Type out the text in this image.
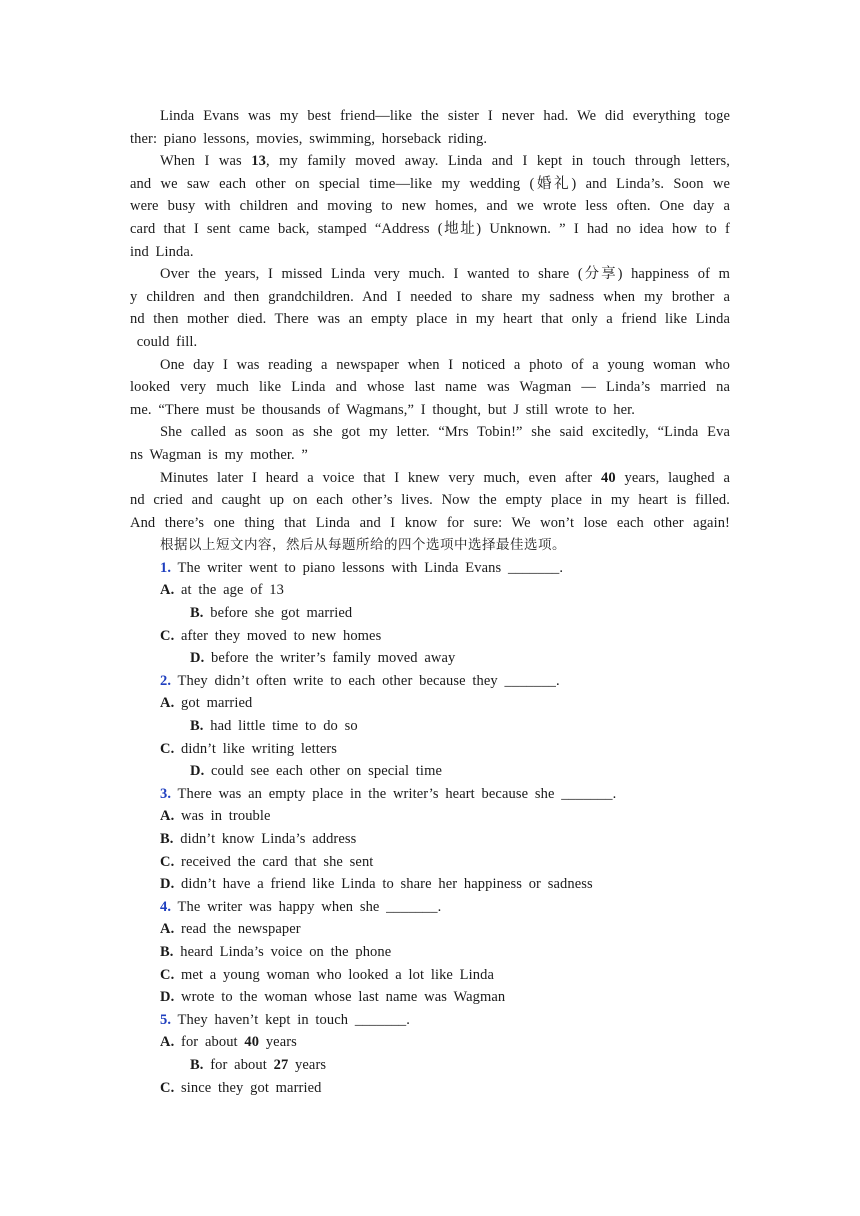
Linda Evans was my best friend—like the sister I never had. We did everything toge
ther: piano lessons, movies, swimming, horseback riding.
When I was 13, my family moved away. Linda and I kept in touch through letters,
and we saw each other on special time—like my wedding (婚礼) and Linda’s. Soon we
were busy with children and moving to new homes, and we wrote less often. One day a
card that I sent came back, stamped “Address (地址) Unknown. ” I had no idea how to f
ind Linda.
Over the years, I missed Linda very much. I wanted to share (分享) happiness of m
y children and then grandchildren. And I needed to share my sadness when my brother a
nd then mother died. There was an empty place in my heart that only a friend like Linda
could fill.
One day I was reading a newspaper when I noticed a photo of a young woman who
looked very much like Linda and whose last name was Wagman — Linda’s married na
me. “There must be thousands of Wagmans,” I thought, but J still wrote to her.
She called as soon as she got my letter. “Mrs Tobin!” she said excitedly, “Linda Eva
ns Wagman is my mother. ”
Minutes later I heard a voice that I knew very much, even after 40 years, laughed a
nd cried and caught up on each other’s lives. Now the empty place in my heart is filled.
And there’s one thing that Linda and I know for sure: We won’t lose each other again!
根据以上短文内容，然后从每题所给的四个选项中选择最佳选项。
1. The writer went to piano lessons with Linda Evans _______.
A. at the age of 13
B. before she got married
C. after they moved to new homes
D. before the writer’s family moved away
2. They didn’t often write to each other because they _______.
A. got married
B. had little time to do so
C. didn’t like writing letters
D. could see each other on special time
3. There was an empty place in the writer’s heart because she _______.
A. was in trouble
B. didn’t know Linda’s address
C. received the card that she sent
D. didn’t have a friend like Linda to share her happiness or sadness
4. The writer was happy when she _______.
A. read the newspaper
B. heard Linda’s voice on the phone
C. met a young woman who looked a lot like Linda
D. wrote to the woman whose last name was Wagman
5. They haven’t kept in touch _______.
A. for about 40 years
B. for about 27 years
C. since they got married
